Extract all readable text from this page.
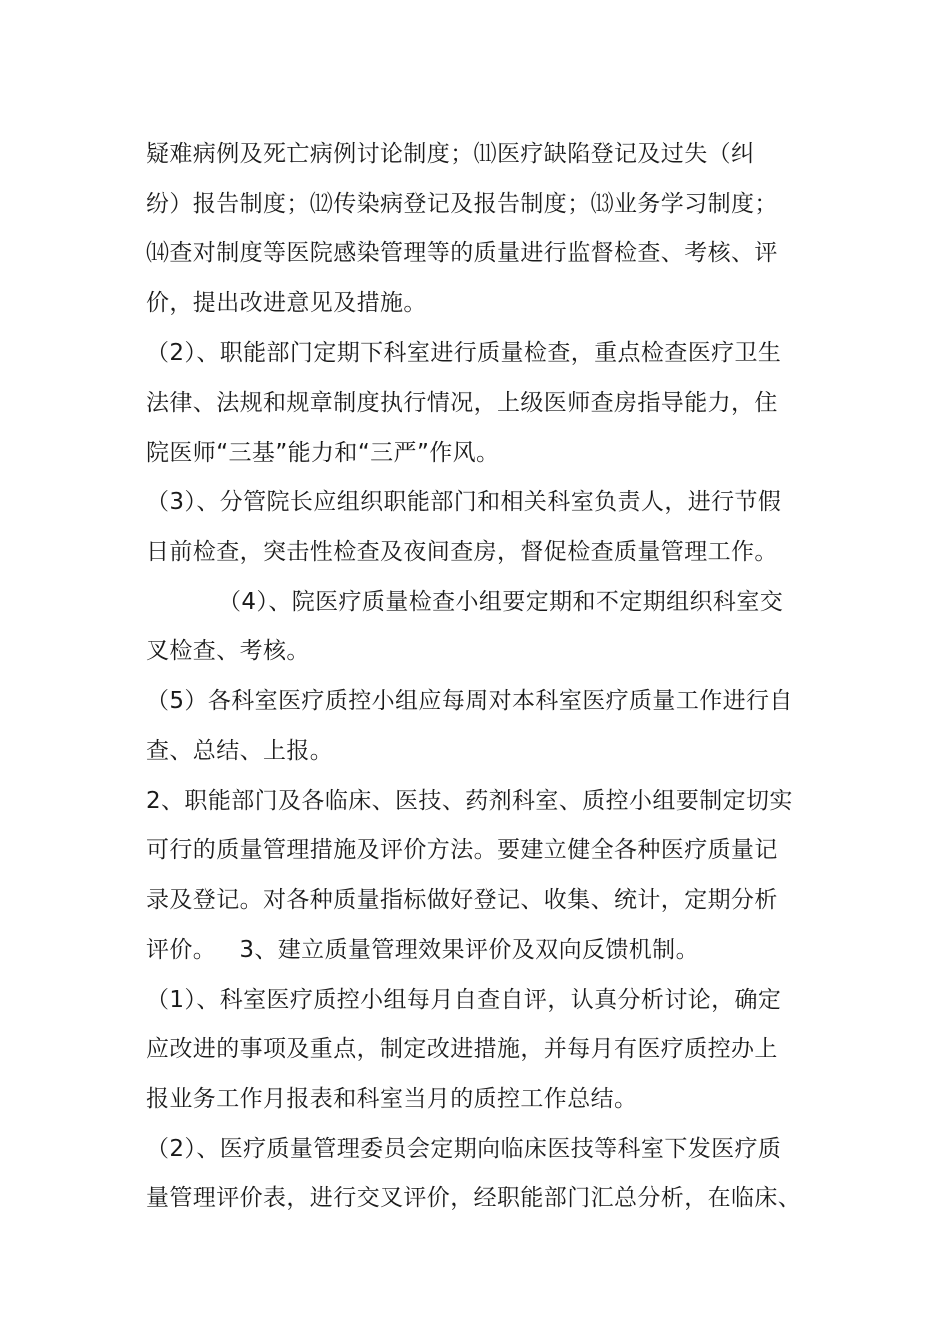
疑难病例及死亡病例讨论制度；⑾医疗缺陷登记及过失（纠
纷）报告制度；⑿传染病登记及报告制度；⒀业务学习制度；
⒁查对制度等医院感染管理等的质量进行监督检查、考核、评
价，提出改进意见及措施。
（2）、职能部门定期下科室进行质量检查，重点检查医疗卫生
法律、法规和规章制度执行情况，上级医师查房指导能力，住
院医师“三基”能力和“三严”作风。
（3）、分管院长应组织职能部门和相关科室负责人，进行节假
日前检查，突击性检查及夜间查房，督促检查质量管理工作。
（4）、院医疗质量检查小组要定期和不定期组织科室交
叉检查、考核。
（5）各科室医疗质控小组应每周对本科室医疗质量工作进行自
查、总结、上报。
2、职能部门及各临床、医技、药剂科室、质控小组要制定切实
可行的质量管理措施及评价方法。要建立健全各种医疗质量记
录及登记。对各种质量指标做好登记、收集、统计，定期分析
评价。   3、建立质量管理效果评价及双向反馈机制。
（1）、科室医疗质控小组每月自查自评，认真分析讨论，确定
应改进的事项及重点，制定改进措施，并每月有医疗质控办上
报业务工作月报表和科室当月的质控工作总结。
（2）、医疗质量管理委员会定期向临床医技等科室下发医疗质
量管理评价表，进行交叉评价，经职能部门汇总分析，在临床、
